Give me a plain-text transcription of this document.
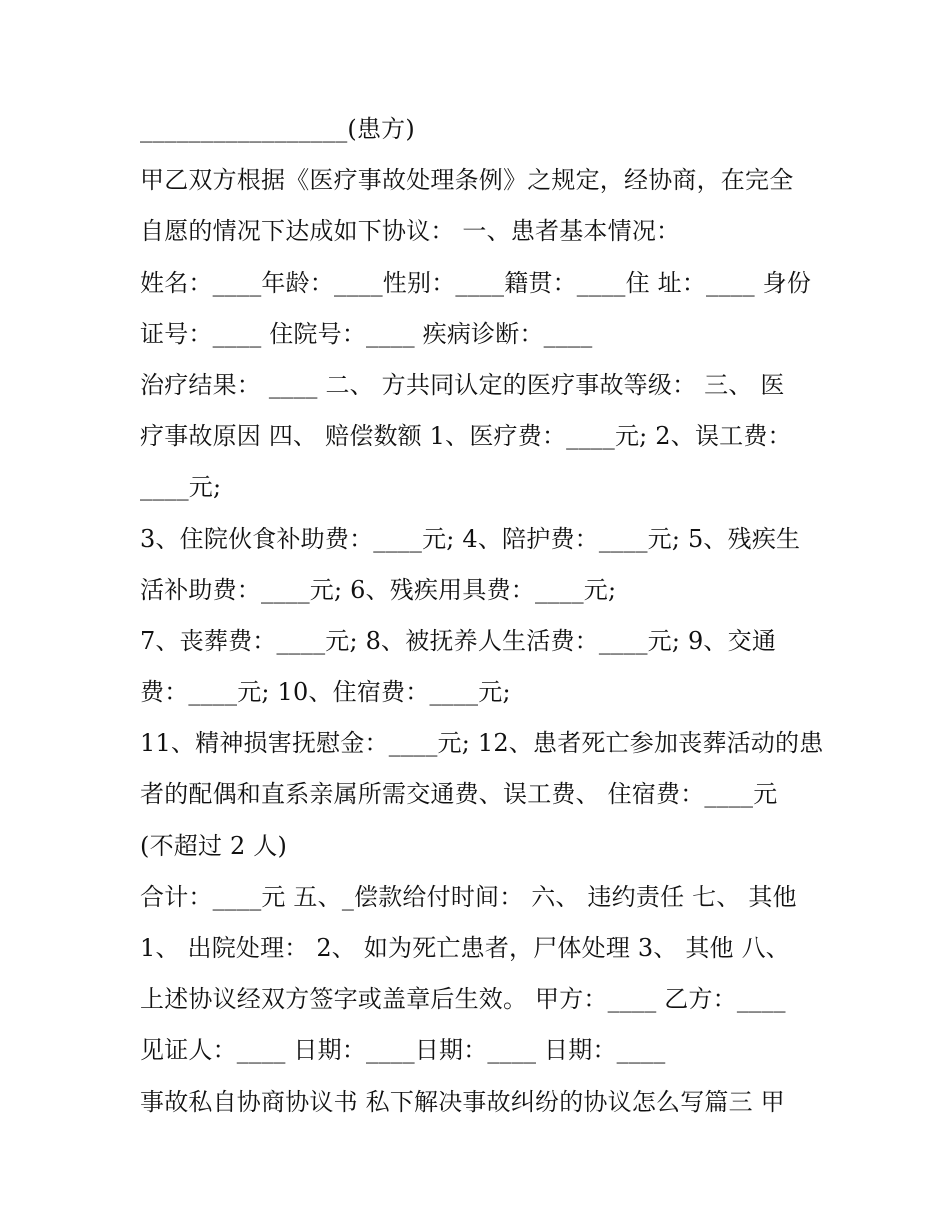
_________________(患方)
甲乙双方根据《医疗事故处理条例》之规定，经协商，在完全
自愿的情况下达成如下协议： 一、患者基本情况：
姓名：____年龄：____性别：____籍贯：____住 址：____ 身份
证号：____ 住院号：____ 疾病诊断：____
治疗结果： ____ 二、 方共同认定的医疗事故等级： 三、 医
疗事故原因 四、 赔偿数额 1、医疗费：____元; 2、误工费：
____元;
3、住院伙食补助费：____元; 4、陪护费：____元; 5、残疾生
活补助费：____元; 6、残疾用具费：____元;
7、丧葬费：____元; 8、被抚养人生活费：____元; 9、交通
费：____元; 10、住宿费：____元;
11、精神损害抚慰金：____元; 12、患者死亡参加丧葬活动的患
者的配偶和直系亲属所需交通费、误工费、 住宿费：____元
(不超过 2 人)
合计：____元 五、_偿款给付时间： 六、 违约责任 七、 其他
1、 出院处理： 2、 如为死亡患者，尸体处理 3、 其他 八、
上述协议经双方签字或盖章后生效。 甲方：____ 乙方：____
见证人：____ 日期：____日期：____ 日期：____
事故私自协商协议书 私下解决事故纠纷的协议怎么写篇三 甲
